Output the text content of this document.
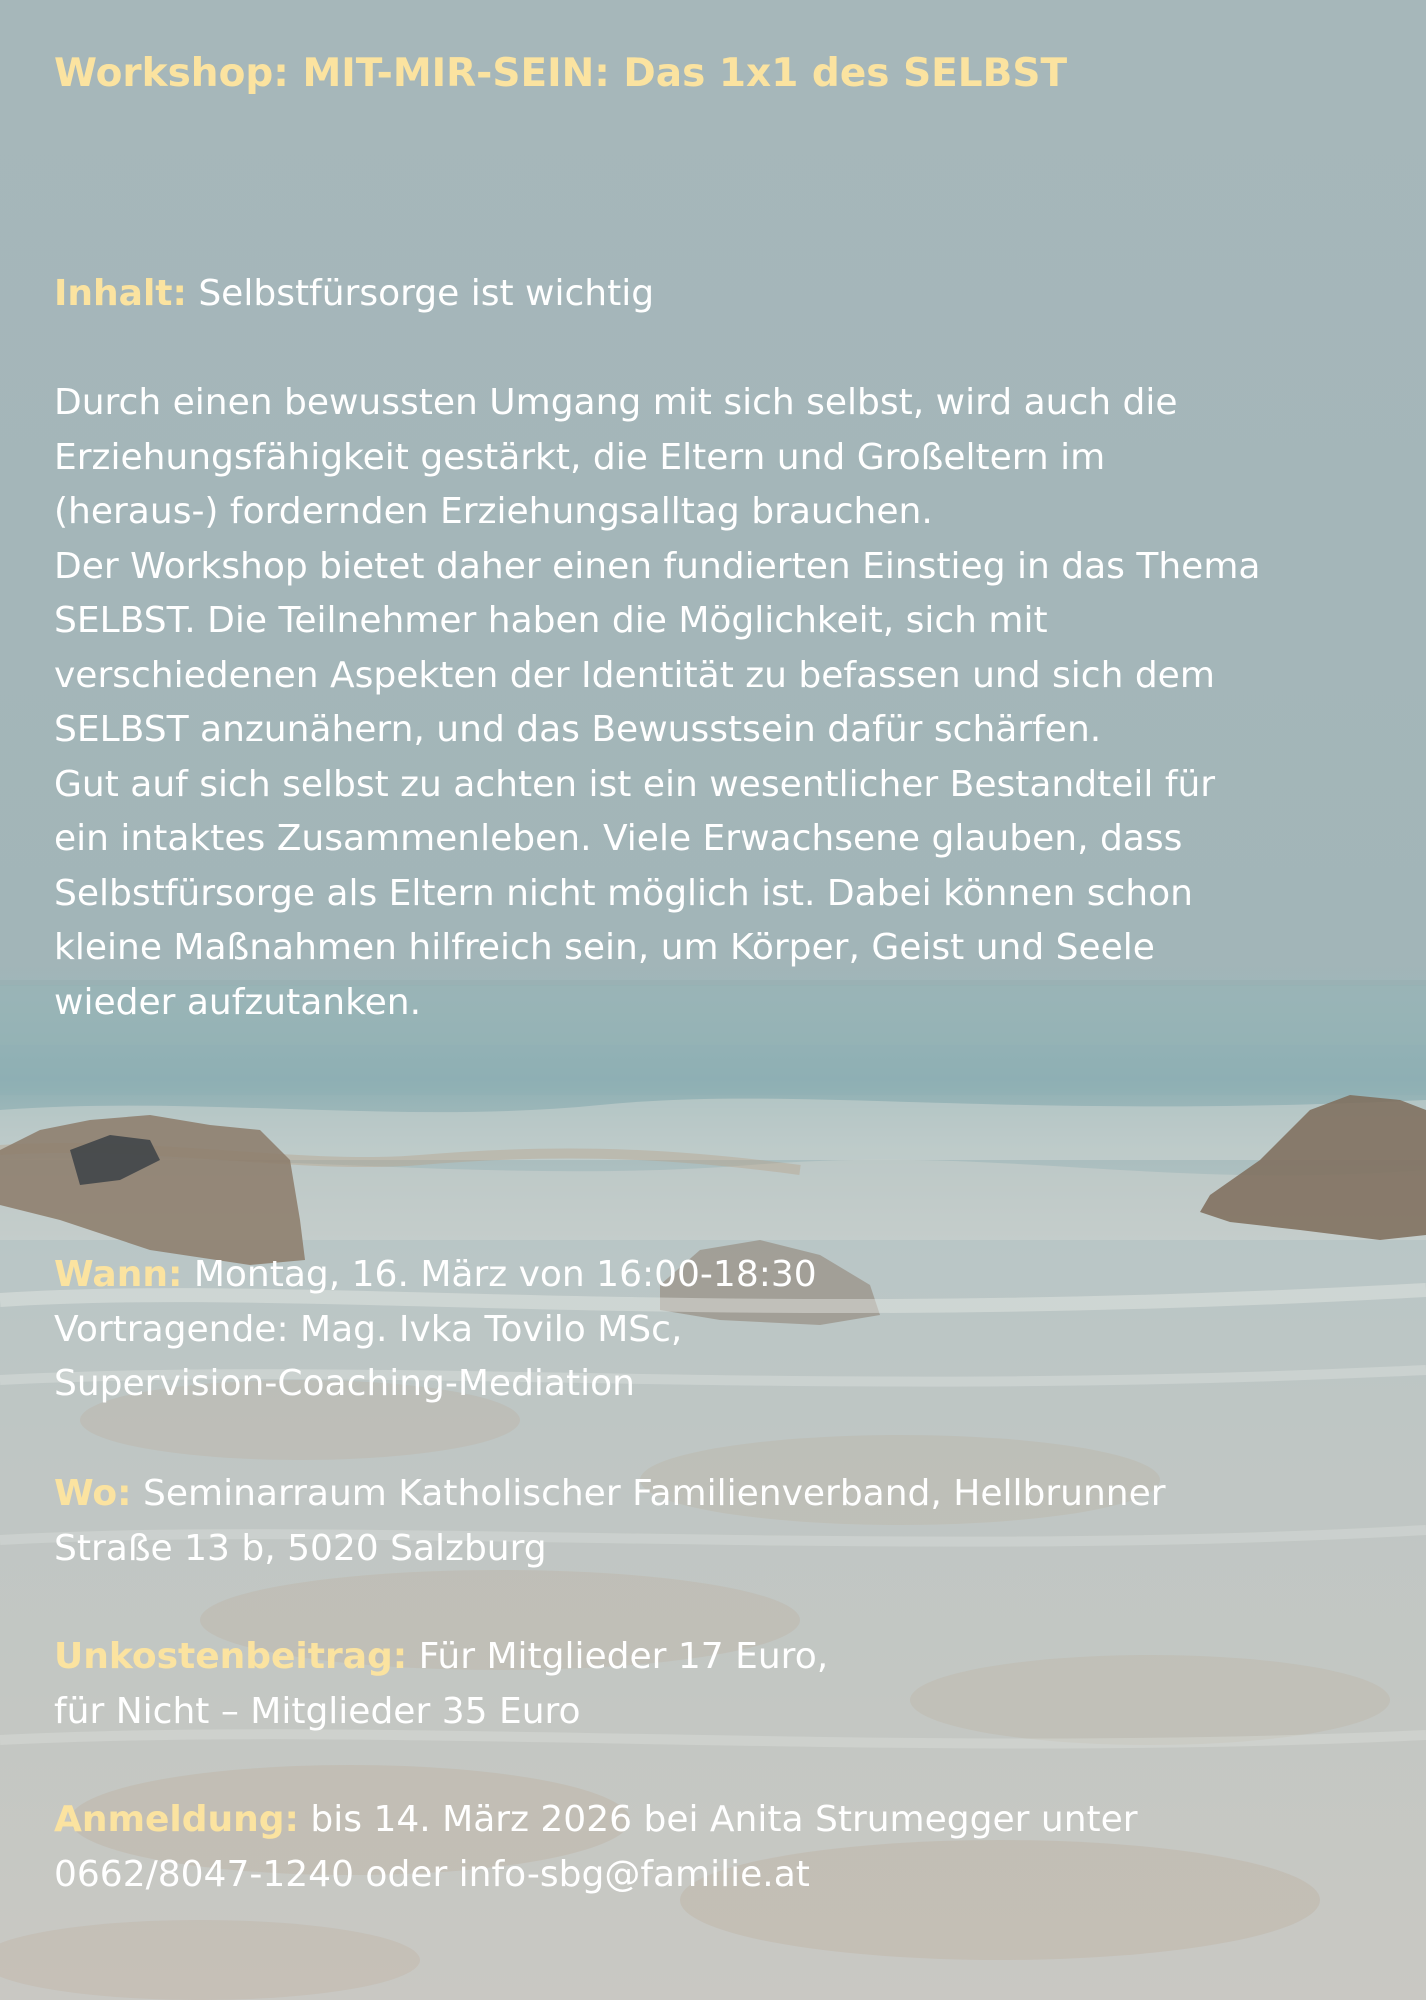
Workshop: MIT-MIR-SEIN: Das 1x1 des SELBST
Inhalt: Selbstfürsorge ist wichtig
Durch einen bewussten Umgang mit sich selbst, wird auch die
Erziehungsfähigkeit gestärkt, die Eltern und Großeltern im
(heraus-) fordernden Erziehungsalltag brauchen.
Der Workshop bietet daher einen fundierten Einstieg in das Thema
SELBST. Die Teilnehmer haben die Möglichkeit, sich mit
verschiedenen Aspekten der Identität zu befassen und sich dem
SELBST anzunähern, und das Bewusstsein dafür schärfen.
Gut auf sich selbst zu achten ist ein wesentlicher Bestandteil für
ein intaktes Zusammenleben. Viele Erwachsene glauben, dass
Selbstfürsorge als Eltern nicht möglich ist. Dabei können schon
kleine Maßnahmen hilfreich sein, um Körper, Geist und Seele
wieder aufzutanken.
Wann: Montag, 16. März von 16:00-18:30
Vortragende: Mag. Ivka Tovilo MSc,
Supervision-Coaching-Mediation
Wo: Seminarraum Katholischer Familienverband, Hellbrunner
Straße 13 b, 5020 Salzburg
Unkostenbeitrag: Für Mitglieder 17 Euro,
für Nicht – Mitglieder 35 Euro
Anmeldung: bis 14. März 2026 bei Anita Strumegger unter
0662/8047-1240 oder info-sbg@familie.at
